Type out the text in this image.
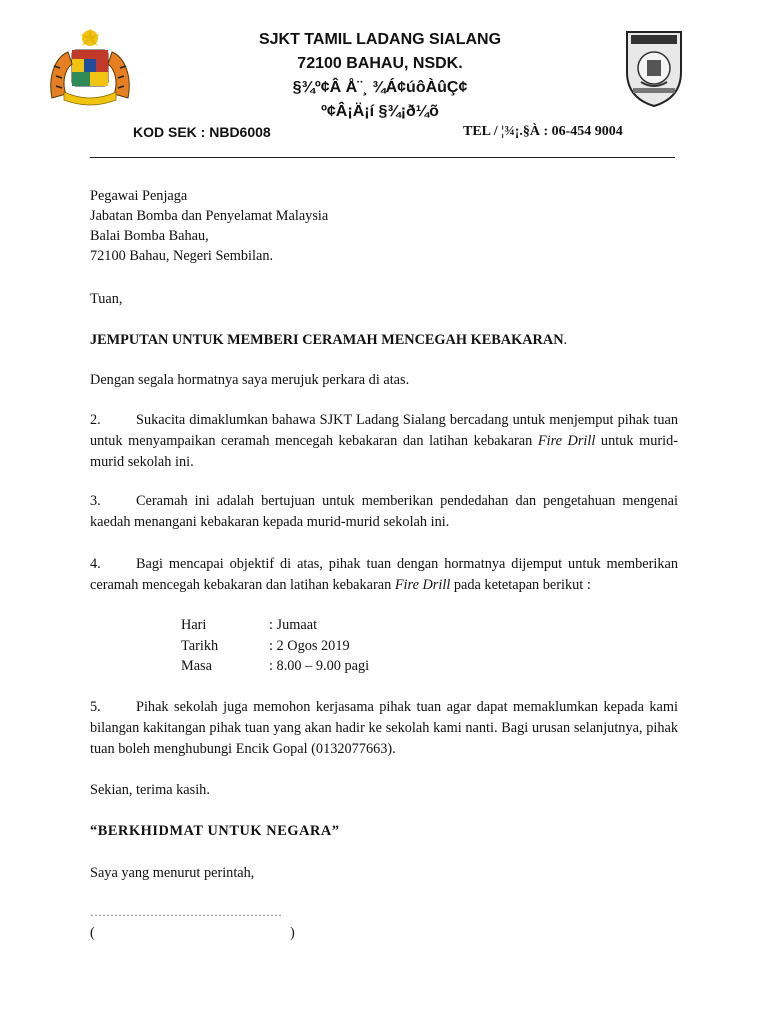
SJKT TAMIL LADANG SIALANG
72100 BAHAU, NSDK.
§¾º¢Â Å¨¸ ¾Á¢úôÀûÇ¢
º¢Â¡Ä¡í §¾¡ð¼õ
KOD SEK : NBD6008	TEL / ¦¾¡.§À : 06-454 9004
Pegawai Penjaga
Jabatan Bomba dan Penyelamat Malaysia
Balai Bomba Bahau,
72100 Bahau, Negeri Sembilan.
Tuan,
JEMPUTAN UNTUK MEMBERI CERAMAH MENCEGAH KEBAKARAN.
Dengan segala hormatnya saya merujuk perkara di atas.
2. Sukacita dimaklumkan bahawa SJKT Ladang Sialang bercadang untuk menjemput pihak tuan untuk menyampaikan ceramah mencegah kebakaran dan latihan kebakaran Fire Drill untuk murid-murid sekolah ini.
3. Ceramah ini adalah bertujuan untuk memberikan pendedahan dan pengetahuan mengenai kaedah menangani kebakaran kepada murid-murid sekolah ini.
4. Bagi mencapai objektif di atas, pihak tuan dengan hormatnya dijemput untuk memberikan ceramah mencegah kebakaran dan latihan kebakaran Fire Drill pada ketetapan berikut :
Hari	: Jumaat
Tarikh	: 2 Ogos 2019
Masa	: 8.00 – 9.00 pagi
5. Pihak sekolah juga memohon kerjasama pihak tuan agar dapat memaklumkan kepada kami bilangan kakitangan pihak tuan yang akan hadir ke sekolah kami nanti. Bagi urusan selanjutnya, pihak tuan boleh menghubungi Encik Gopal (0132077663).
Sekian, terima kasih.
“BERKHIDMAT UNTUK NEGARA”
Saya yang menurut perintah,
…………………………………………
(	)
